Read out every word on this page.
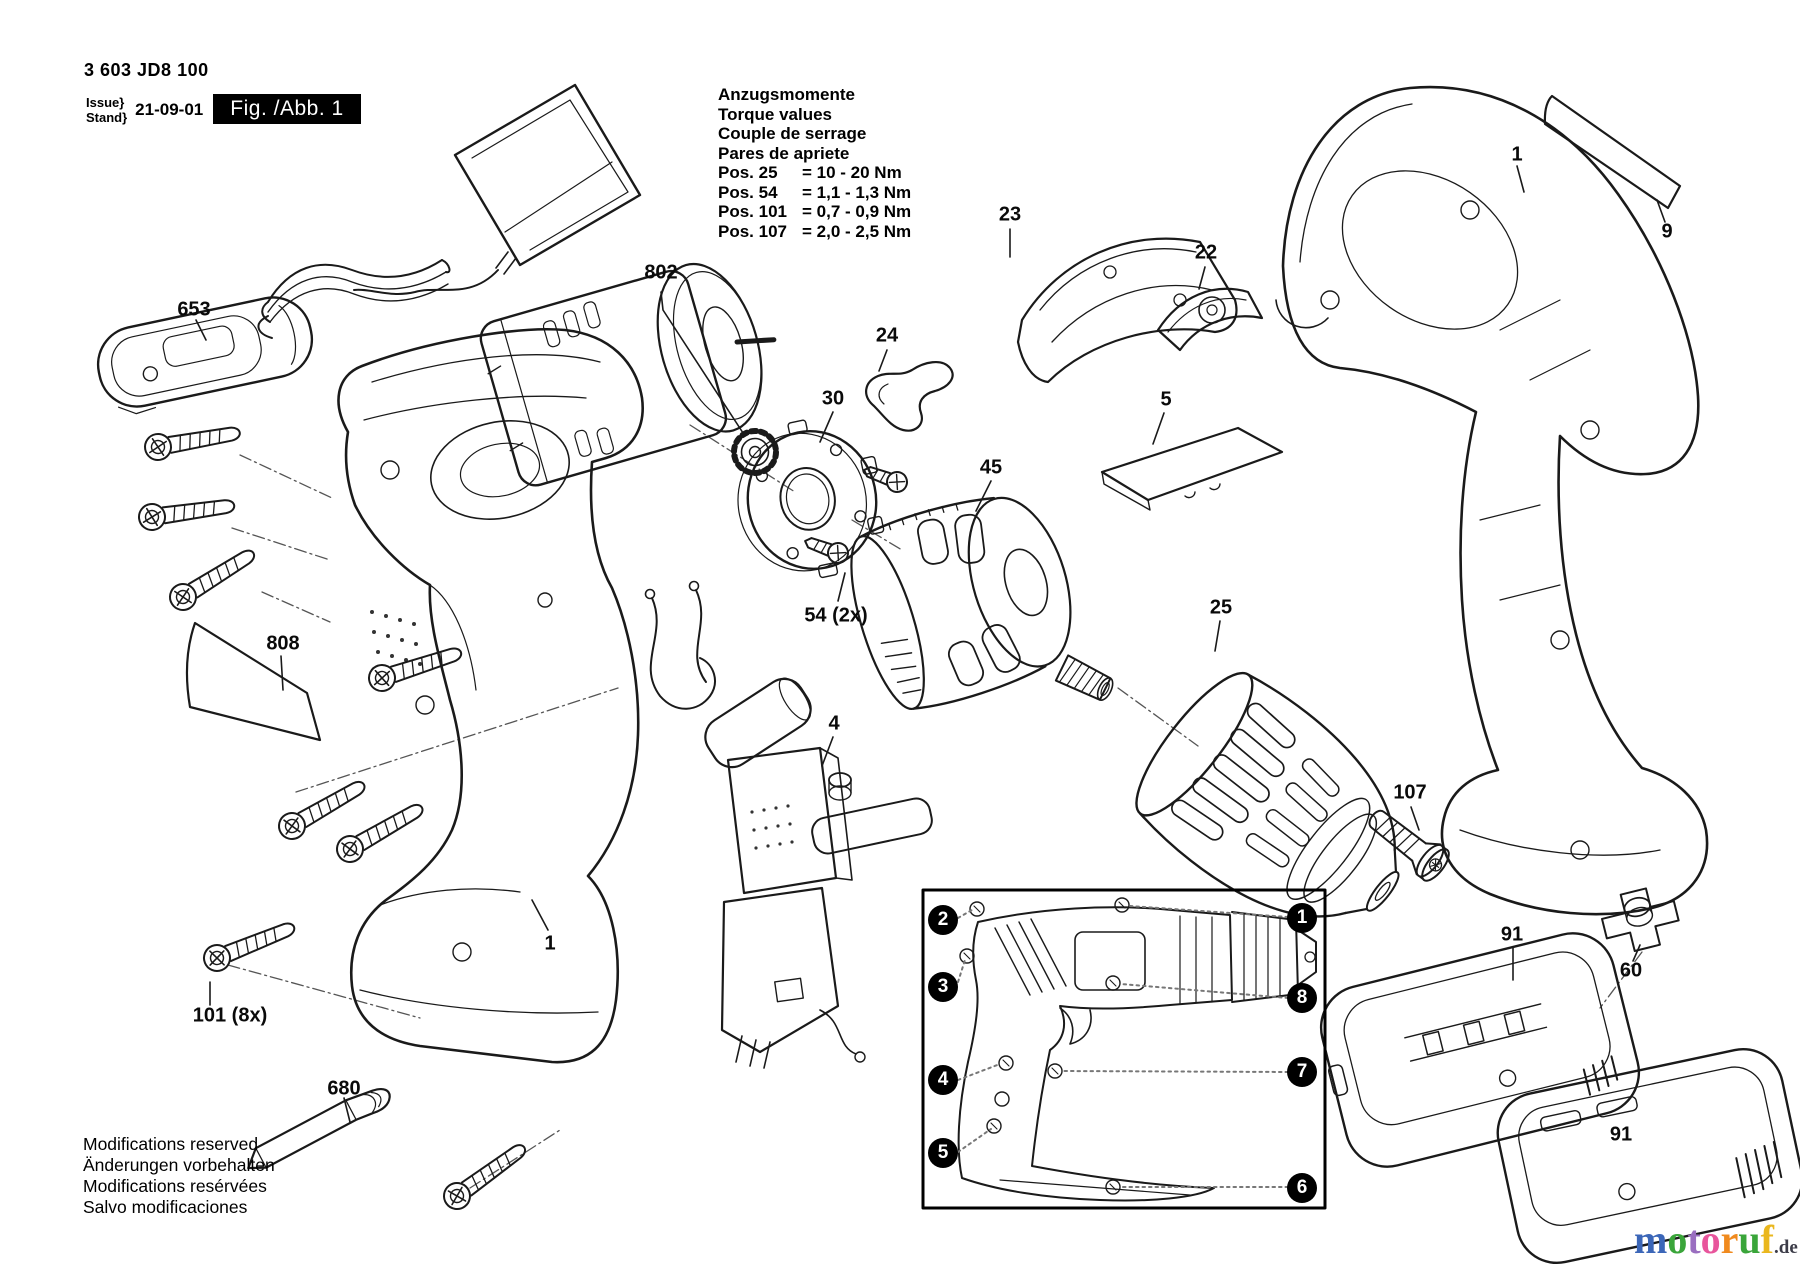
3 603 JD8 100
Issue}
Stand} 21-09-01	Fig. /Abb. 1
Anzugsmomente
Torque values
Couple de serrage
Pares de apriete
Pos. 25	= 10 - 20 Nm
Pos. 54	= 1,1 - 1,3 Nm
Pos. 101 = 0,7 - 0,9 Nm
Pos. 107 = 2,0 - 2,5 Nm
653
802
808
101 (8x)
680
1
4
30
54 (2x)
24
23
22
45
5
25
107
1
9
91
60
91
1
2
3
4
5
6
7
8
Modifications reserved
Änderungen vorbehalten
Modifications resérvées
Salvo modificaciones
motoruf.de
